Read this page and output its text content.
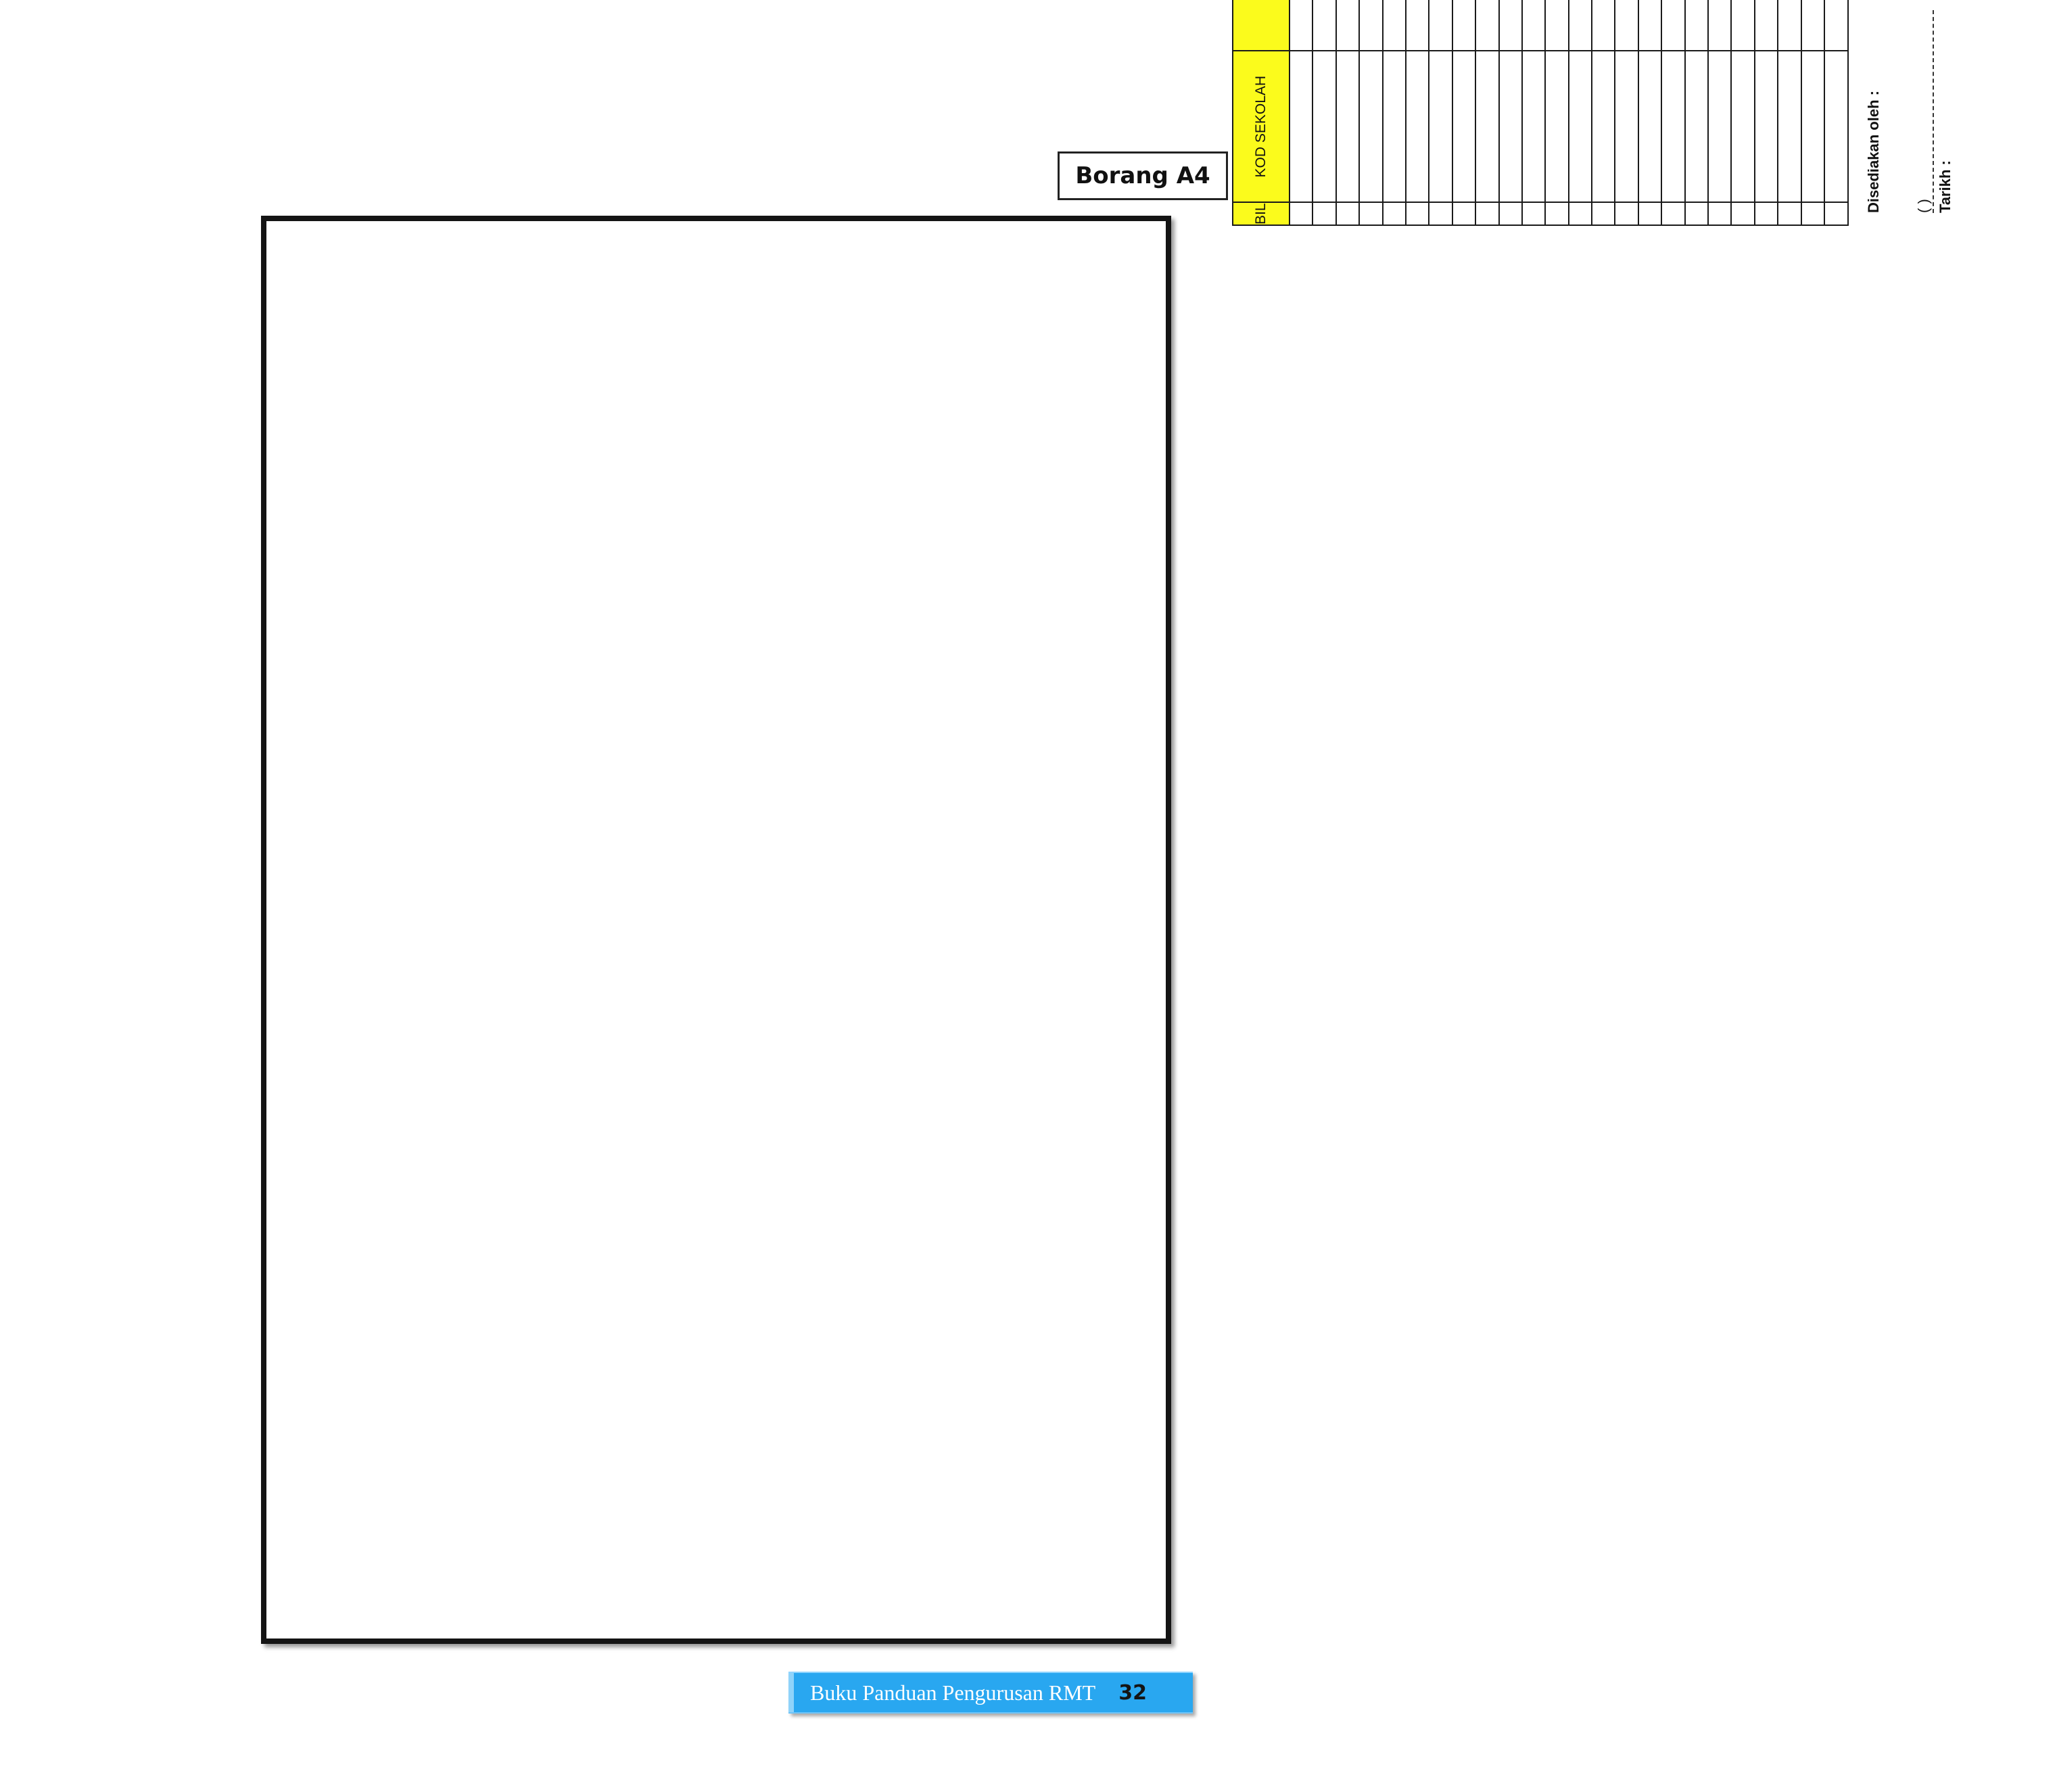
Borang A4
BIL	KOD SEKOLAH								

													Disediakan oleh : ( ) Tarikh :
Buku Panduan Pengurusan RMT 32
